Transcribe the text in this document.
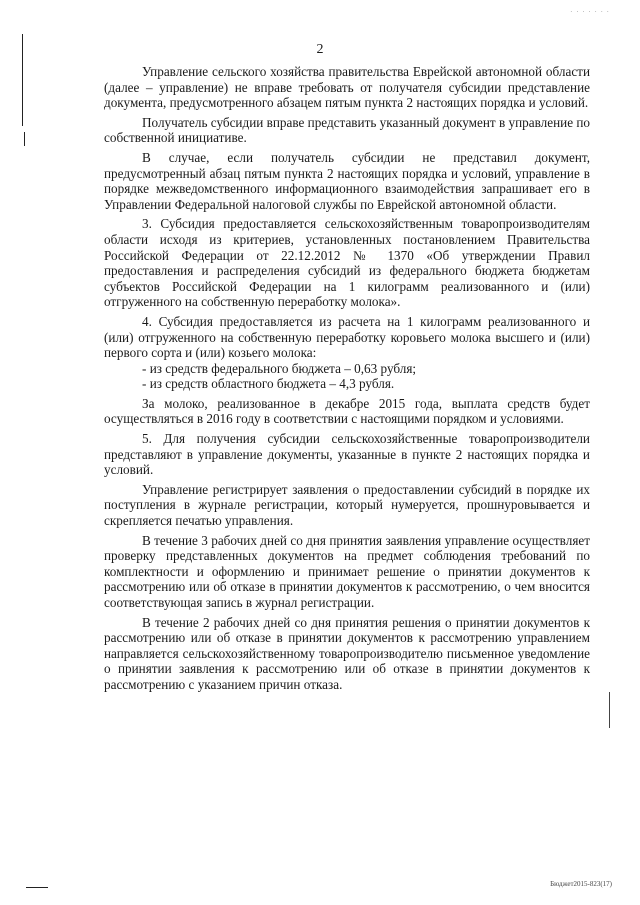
· · · · · · ·
2

Управление сельского хозяйства правительства Еврейской автономной области (далее – управление) не вправе требовать от получателя субсидии представление документа, предусмотренного абзацем пятым пункта 2 настоящих порядка и условий.

Получатель субсидии вправе представить указанный документ в управление по собственной инициативе.

В случае, если получатель субсидии не представил документ, предусмотренный абзац пятым пункта 2 настоящих порядка и условий, управление в порядке межведомственного информационного взаимодействия запрашивает его в Управлении Федеральной налоговой службы по Еврейской автономной области.

3. Субсидия предоставляется сельскохозяйственным товаропроизводителям области исходя из критериев, установленных постановлением Правительства Российской Федерации от 22.12.2012 № 1370 «Об утверждении Правил предоставления и распределения субсидий из федерального бюджета бюджетам субъектов Российской Федерации на 1 килограмм реализованного и (или) отгруженного на собственную переработку молока».

4. Субсидия предоставляется из расчета на 1 килограмм реализованного и (или) отгруженного на собственную переработку коровьего молока высшего и (или) первого сорта и (или) козьего молока:

- из средств федерального бюджета – 0,63 рубля;

- из средств областного бюджета – 4,3 рубля.

За молоко, реализованное в декабре 2015 года, выплата средств будет осуществляться в 2016 году в соответствии с настоящими порядком и условиями.

5. Для получения субсидии сельскохозяйственные товаропроизводители представляют в управление документы, указанные в пункте 2 настоящих порядка и условий.

Управление регистрирует заявления о предоставлении субсидий в порядке их поступления в журнале регистрации, который нумеруется, прошнуровывается и скрепляется печатью управления.

В течение 3 рабочих дней со дня принятия заявления управление осуществляет проверку представленных документов на предмет соблюдения требований по комплектности и оформлению и принимает решение о принятии документов к рассмотрению или об отказе в принятии документов к рассмотрению, о чем вносится соответствующая запись в журнал регистрации.

В течение 2 рабочих дней со дня принятия решения о принятии документов к рассмотрению или об отказе в принятии документов к рассмотрению управлением направляется сельскохозяйственному товаропроизводителю письменное уведомление о принятии заявления к рассмотрению или об отказе в принятии документов к рассмотрению с указанием причин отказа.

Бюджет2015-823(17)
